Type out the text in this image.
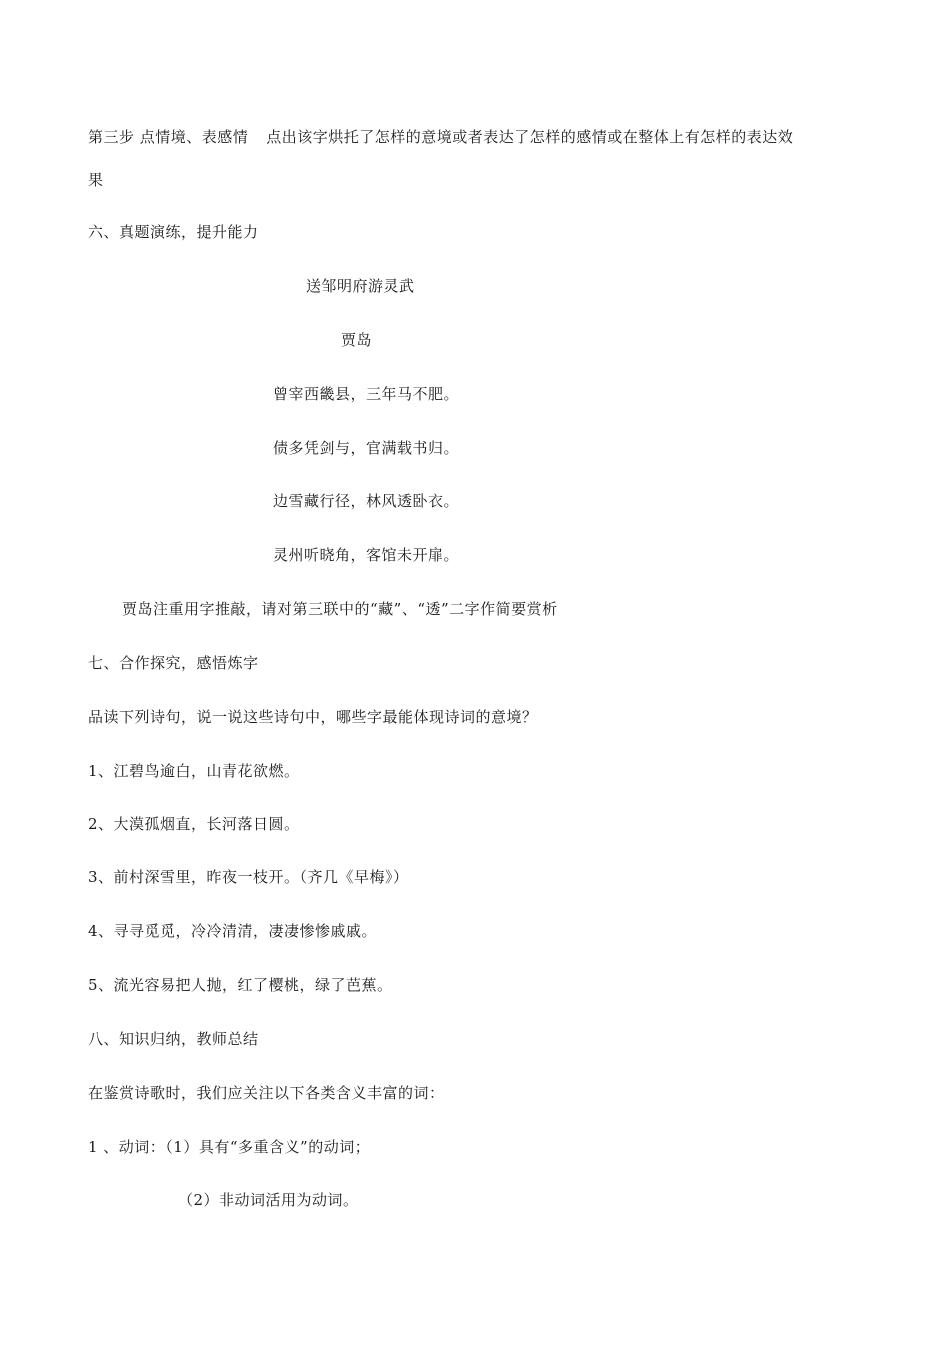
第三步 点情境、表感情 点出该字烘托了怎样的意境或者表达了怎样的感情或在整体上有怎样的表达效
果
六、真题演练，提升能力
送邹明府游灵武
贾岛
曾宰西畿县，三年马不肥。
债多凭剑与，官满载书归。
边雪藏行径，林风透卧衣。
灵州听晓角，客馆未开扉。
贾岛注重用字推敲，请对第三联中的“藏”、“透”二字作简要赏析
七、合作探究，感悟炼字
品读下列诗句，说一说这些诗句中，哪些字最能体现诗词的意境？
1、江碧鸟逾白，山青花欲燃。
2、大漠孤烟直，长河落日圆。
3、前村深雪里，昨夜一枝开。（齐几《早梅》）
4、寻寻觅觅，冷冷清清，凄凄惨惨戚戚。
5、流光容易把人抛，红了樱桃，绿了芭蕉。
八、知识归纳，教师总结
在鉴赏诗歌时，我们应关注以下各类含义丰富的词：
1 、动词：（1）具有“多重含义”的动词；
（2）非动词活用为动词。
